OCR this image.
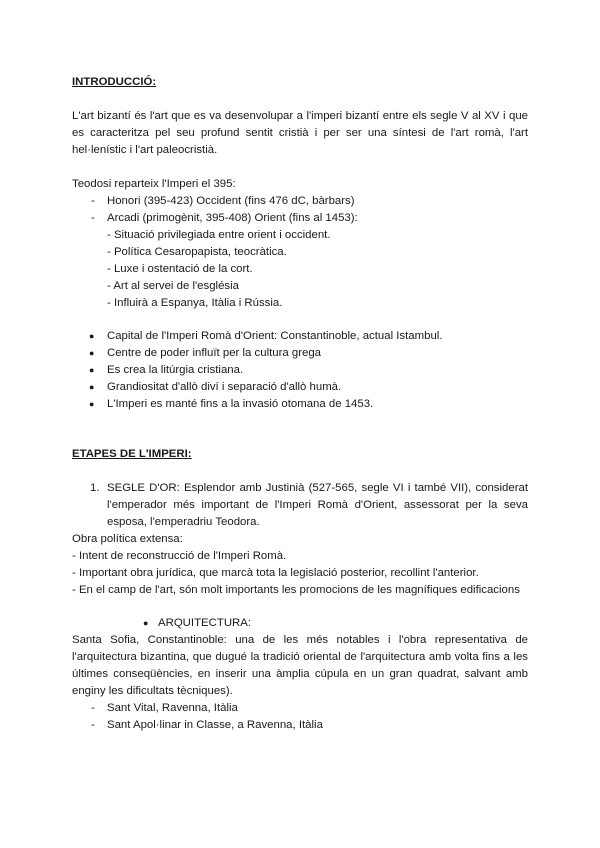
INTRODUCCIÓ:
L'art bizantí és l'art que es va desenvolupar a l'imperi bizantí entre els segle V al XV i que es caracteritza pel seu profund sentit cristià i per ser una síntesi de l'art romà, l'art hel·lenístic i l'art paleocristià.
Teodosi reparteix l'Imperi el 395:
- Honori (395-423) Occident (fins 476 dC, bàrbars)
- Arcadi (primogènit, 395-408) Orient (fins al 1453):
- Situació privilegiada entre orient i occident.
- Política Cesaropapista, teocràtica.
- Luxe i ostentació de la cort.
- Art al servei de l'església
- Influirà a Espanya, Itàlia i Rússia.
● Capital de l'Imperi Romà d'Orient: Constantinoble, actual Istambul.
● Centre de poder influït per la cultura grega
● Es crea la litúrgia cristiana.
● Grandiositat d'allò diví i separació d'allò humà.
● L'Imperi es manté fins a la invasió otomana de 1453.
ETAPES DE L'IMPERI:
1. SEGLE D'OR: Esplendor amb Justinià (527-565, segle VI i també VII), considerat l'emperador més important de l'Imperi Romà d'Orient, assessorat per la seva esposa, l'emperadriu Teodora.
Obra política extensa:
- Intent de reconstrucció de l'Imperi Romà.
- Important obra jurídica, que marcà tota la legislació posterior, recollint l'anterior.
- En el camp de l'art, són molt importants les promocions de les magnífiques edificacions
● ARQUITECTURA:
Santa Sofia, Constantinoble: una de les més notables i l'obra representativa de l'arquitectura bizantina, que dugué la tradició oriental de l'arquitectura amb volta fins a les últimes conseqüències, en inserir una àmplia cúpula en un gran quadrat, salvant amb enginy les dificultats tècniques).
- Sant Vital, Ravenna, Itàlia
- Sant Apol·linar in Classe, a Ravenna, Itàlia
